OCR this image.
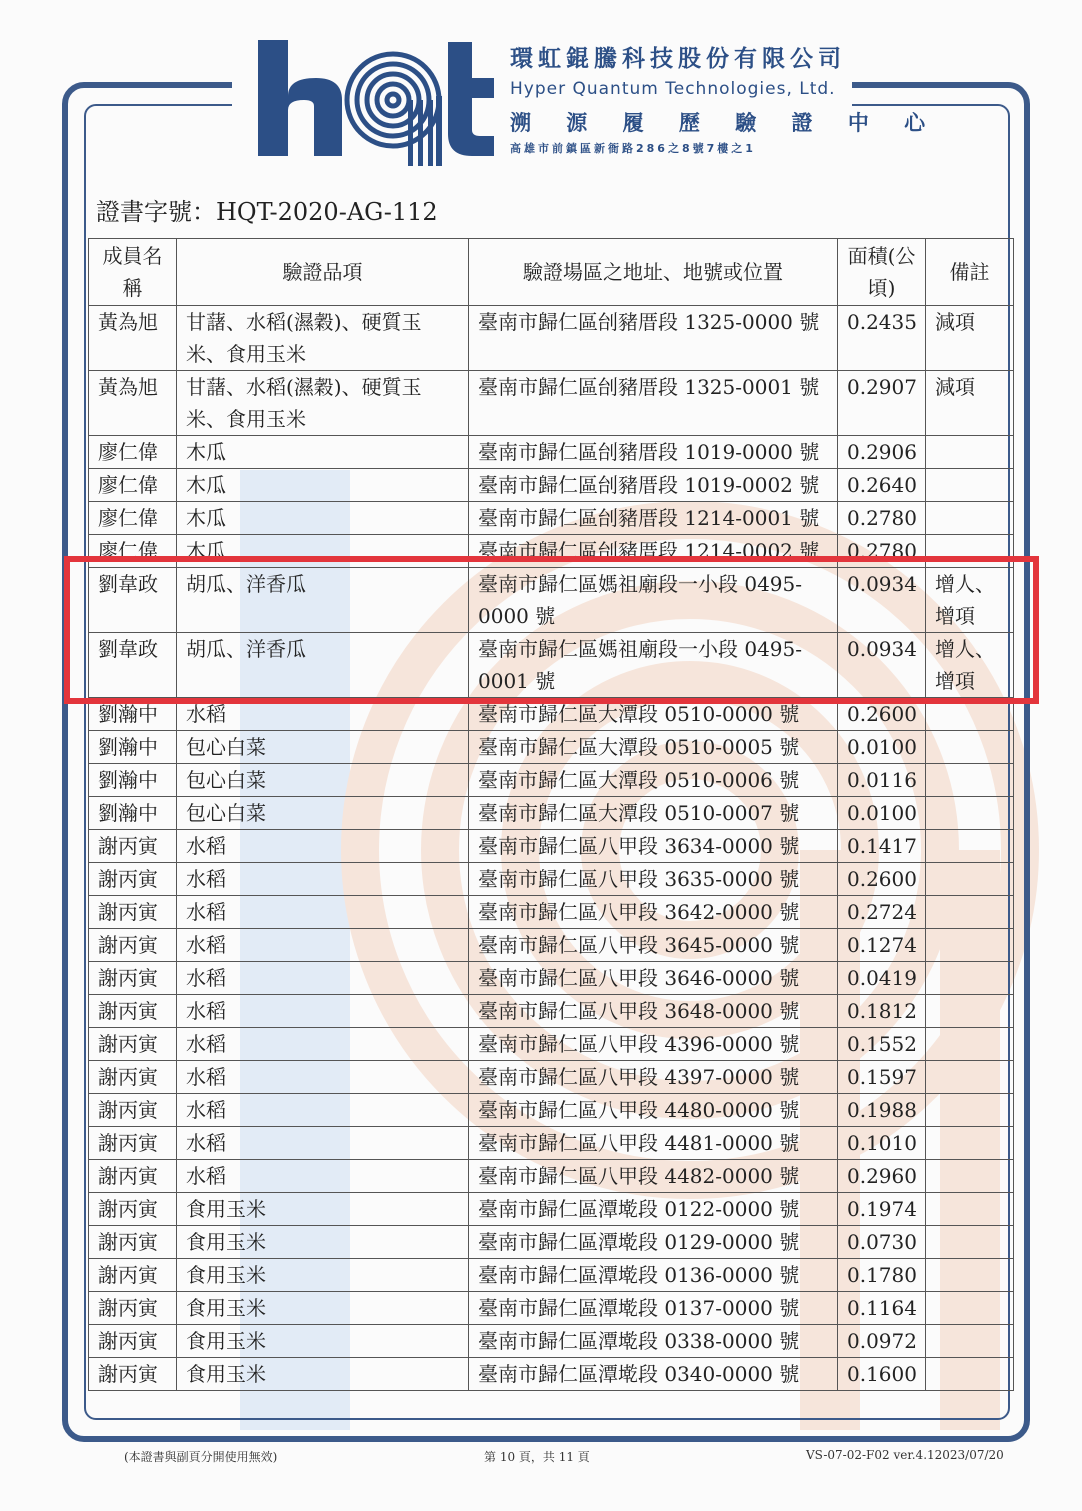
hqt
環虹錕騰科技股份有限公司
Hyper Quantum Technologies, Ltd.
溯 源 履 歷 驗 證 中 心
高雄市前鎮區新衙路286之8號7樓之1
證書字號：HQT-2020-AG-112
成員名稱	驗證品項	驗證場區之地址、地號或位置	面積(公頃)	備註
黃為旭	甘藷、水稻(濕穀)、硬質玉米、食用玉米	臺南市歸仁區刣豬厝段 1325-0000 號	0.2435	減項
黃為旭	甘藷、水稻(濕穀)、硬質玉米、食用玉米	臺南市歸仁區刣豬厝段 1325-0001 號	0.2907	減項
廖仁偉	木瓜	臺南市歸仁區刣豬厝段 1019-0000 號	0.2906	
廖仁偉	木瓜	臺南市歸仁區刣豬厝段 1019-0002 號	0.2640	
廖仁偉	木瓜	臺南市歸仁區刣豬厝段 1214-0001 號	0.2780	
廖仁偉	木瓜	臺南市歸仁區刣豬厝段 1214-0002 號	0.2780	
劉韋政	胡瓜、洋香瓜	臺南市歸仁區媽祖廟段一小段 0495-0000 號	0.0934	增人、增項
劉韋政	胡瓜、洋香瓜	臺南市歸仁區媽祖廟段一小段 0495-0001 號	0.0934	增人、增項
劉瀚中	水稻	臺南市歸仁區大潭段 0510-0000 號	0.2600	
劉瀚中	包心白菜	臺南市歸仁區大潭段 0510-0005 號	0.0100	
劉瀚中	包心白菜	臺南市歸仁區大潭段 0510-0006 號	0.0116	
劉瀚中	包心白菜	臺南市歸仁區大潭段 0510-0007 號	0.0100	
謝丙寅	水稻	臺南市歸仁區八甲段 3634-0000 號	0.1417	
謝丙寅	水稻	臺南市歸仁區八甲段 3635-0000 號	0.2600	
謝丙寅	水稻	臺南市歸仁區八甲段 3642-0000 號	0.2724	
謝丙寅	水稻	臺南市歸仁區八甲段 3645-0000 號	0.1274	
謝丙寅	水稻	臺南市歸仁區八甲段 3646-0000 號	0.0419	
謝丙寅	水稻	臺南市歸仁區八甲段 3648-0000 號	0.1812	
謝丙寅	水稻	臺南市歸仁區八甲段 4396-0000 號	0.1552	
謝丙寅	水稻	臺南市歸仁區八甲段 4397-0000 號	0.1597	
謝丙寅	水稻	臺南市歸仁區八甲段 4480-0000 號	0.1988	
謝丙寅	水稻	臺南市歸仁區八甲段 4481-0000 號	0.1010	
謝丙寅	水稻	臺南市歸仁區八甲段 4482-0000 號	0.2960	
謝丙寅	食用玉米	臺南市歸仁區潭墘段 0122-0000 號	0.1974	
謝丙寅	食用玉米	臺南市歸仁區潭墘段 0129-0000 號	0.0730	
謝丙寅	食用玉米	臺南市歸仁區潭墘段 0136-0000 號	0.1780	
謝丙寅	食用玉米	臺南市歸仁區潭墘段 0137-0000 號	0.1164	
謝丙寅	食用玉米	臺南市歸仁區潭墘段 0338-0000 號	0.0972	
謝丙寅	食用玉米	臺南市歸仁區潭墘段 0340-0000 號	0.1600	
(本證書與副頁分開使用無效)	第 10 頁，共 11 頁	VS-07-02-F02 ver.4.12023/07/20
